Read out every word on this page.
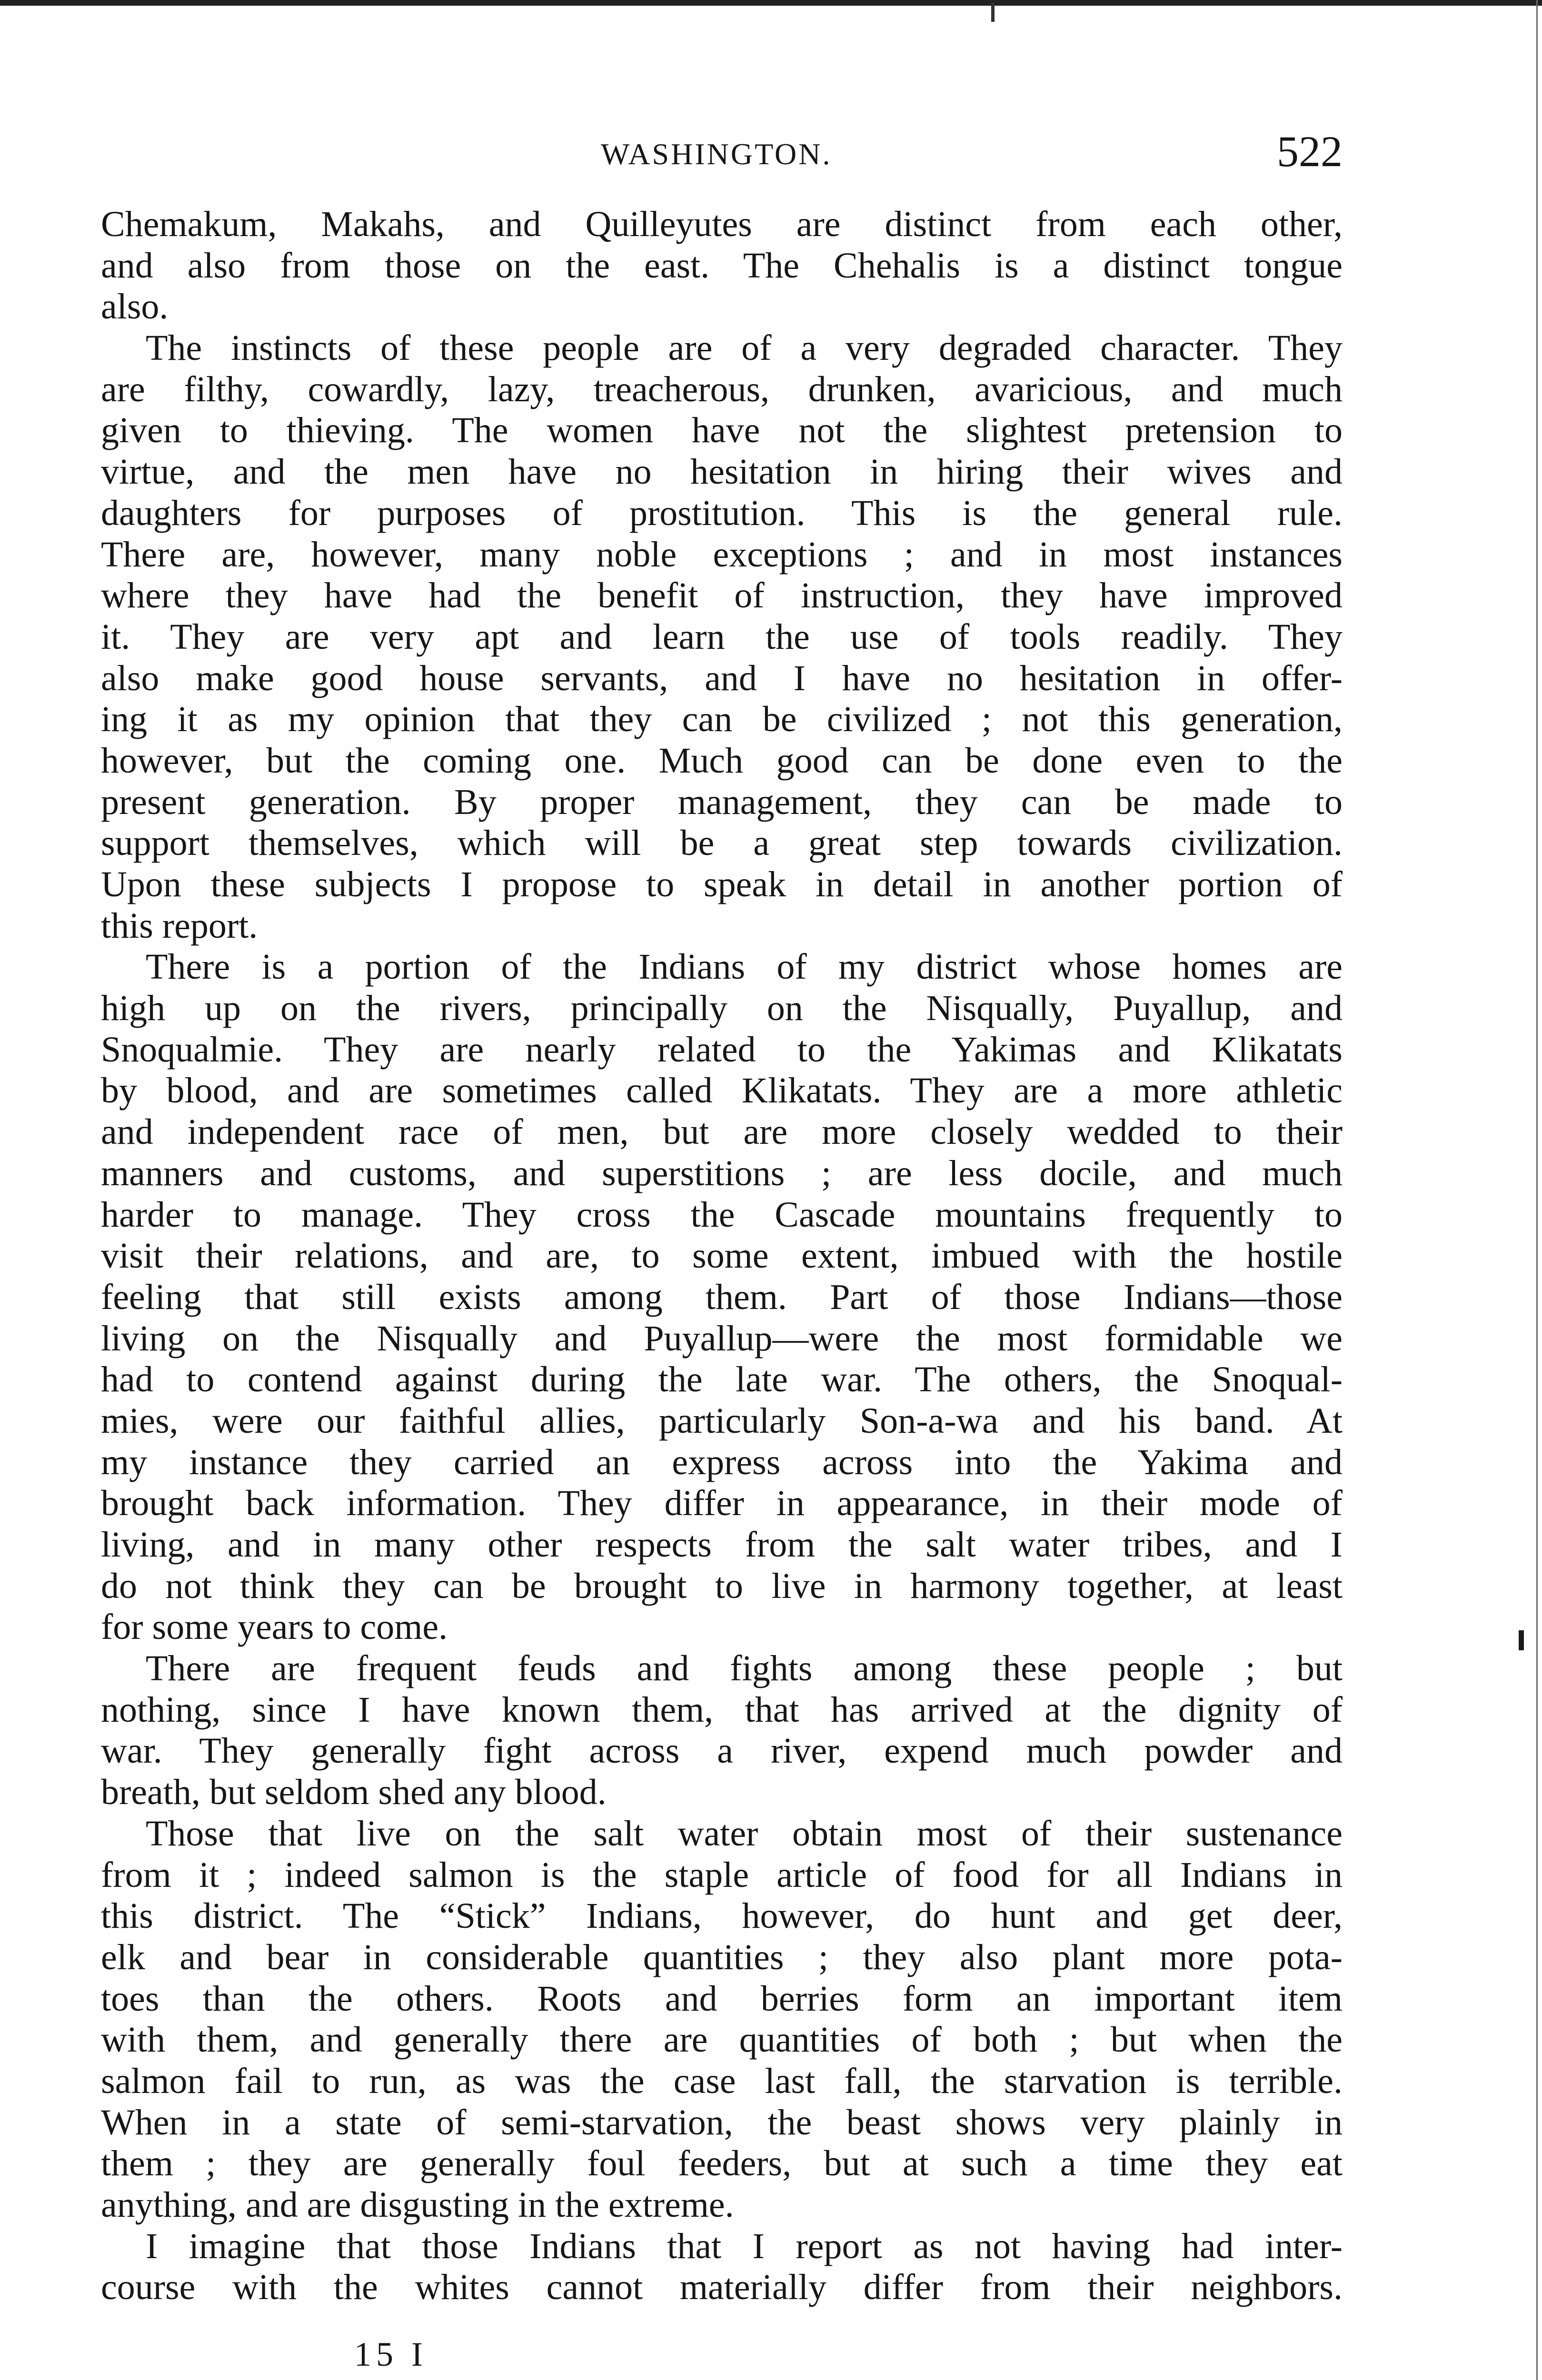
WASHINGTON.	522
Chemakum, Makahs, and Quilleyutes are distinct from each other,
and also from those on the east. The Chehalis is a distinct tongue
also.
The instincts of these people are of a very degraded character. They
are filthy, cowardly, lazy, treacherous, drunken, avaricious, and much
given to thieving. The women have not the slightest pretension to
virtue, and the men have no hesitation in hiring their wives and
daughters for purposes of prostitution. This is the general rule.
There are, however, many noble exceptions ; and in most instances
where they have had the benefit of instruction, they have improved
it. They are very apt and learn the use of tools readily. They
also make good house servants, and I have no hesitation in offer-
ing it as my opinion that they can be civilized ; not this generation,
however, but the coming one. Much good can be done even to the
present generation. By proper management, they can be made to
support themselves, which will be a great step towards civilization.
Upon these subjects I propose to speak in detail in another portion of
this report.
There is a portion of the Indians of my district whose homes are
high up on the rivers, principally on the Nisqually, Puyallup, and
Snoqualmie. They are nearly related to the Yakimas and Klikatats
by blood, and are sometimes called Klikatats. They are a more athletic
and independent race of men, but are more closely wedded to their
manners and customs, and superstitions ; are less docile, and much
harder to manage. They cross the Cascade mountains frequently to
visit their relations, and are, to some extent, imbued with the hostile
feeling that still exists among them. Part of those Indians—those
living on the Nisqually and Puyallup—were the most formidable we
had to contend against during the late war. The others, the Snoqual-
mies, were our faithful allies, particularly Son-a-wa and his band. At
my instance they carried an express across into the Yakima and
brought back information. They differ in appearance, in their mode of
living, and in many other respects from the salt water tribes, and I
do not think they can be brought to live in harmony together, at least
for some years to come.
There are frequent feuds and fights among these people ; but
nothing, since I have known them, that has arrived at the dignity of
war. They generally fight across a river, expend much powder and
breath, but seldom shed any blood.
Those that live on the salt water obtain most of their sustenance
from it ; indeed salmon is the staple article of food for all Indians in
this district. The “Stick” Indians, however, do hunt and get deer,
elk and bear in considerable quantities ; they also plant more pota-
toes than the others. Roots and berries form an important item
with them, and generally there are quantities of both ; but when the
salmon fail to run, as was the case last fall, the starvation is terrible.
When in a state of semi-starvation, the beast shows very plainly in
them ; they are generally foul feeders, but at such a time they eat
anything, and are disgusting in the extreme.
I imagine that those Indians that I report as not having had inter-
course with the whites cannot materially differ from their neighbors.
15 I
